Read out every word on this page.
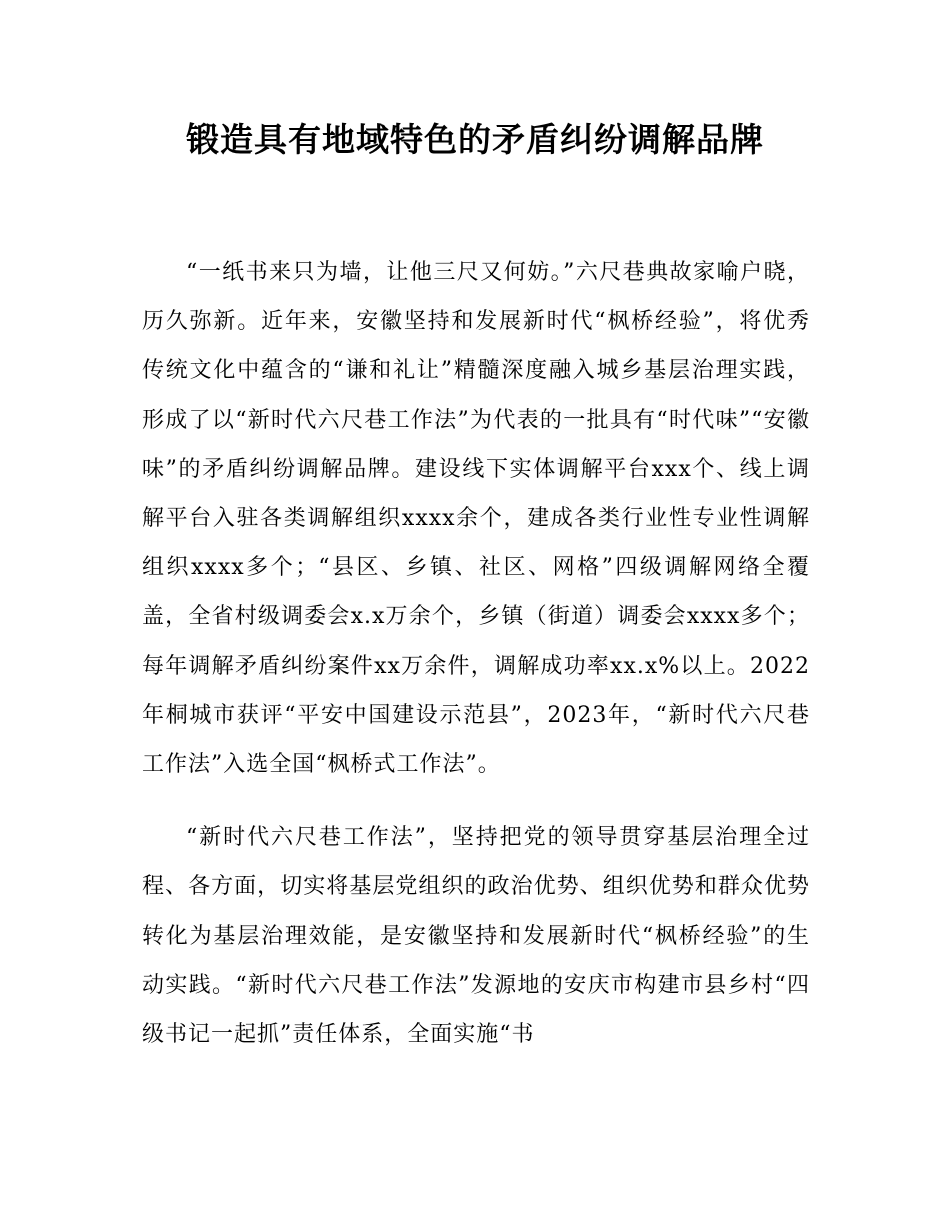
锻造具有地域特色的矛盾纠纷调解品牌

“一纸书来只为墙，让他三尺又何妨。”六尺巷典故家喻户晓，历久弥新。近年来，安徽坚持和发展新时代“枫桥经验”，将优秀传统文化中蕴含的“谦和礼让”精髓深度融入城乡基层治理实践，形成了以“新时代六尺巷工作法”为代表的一批具有“时代味”“安徽味”的矛盾纠纷调解品牌。建设线下实体调解平台xxx个、线上调解平台入驻各类调解组织xxxx余个，建成各类行业性专业性调解组织xxxx多个；“县区、乡镇、社区、网格”四级调解网络全覆盖，全省村级调委会x.x万余个，乡镇（街道）调委会xxxx多个；每年调解矛盾纠纷案件xx万余件，调解成功率xx.x%以上。2022年桐城市获评“平安中国建设示范县”，2023年，“新时代六尺巷工作法”入选全国“枫桥式工作法”。

“新时代六尺巷工作法”，坚持把党的领导贯穿基层治理全过程、各方面，切实将基层党组织的政治优势、组织优势和群众优势转化为基层治理效能，是安徽坚持和发展新时代“枫桥经验”的生动实践。“新时代六尺巷工作法”发源地的安庆市构建市县乡村“四级书记一起抓”责任体系，全面实施“书
